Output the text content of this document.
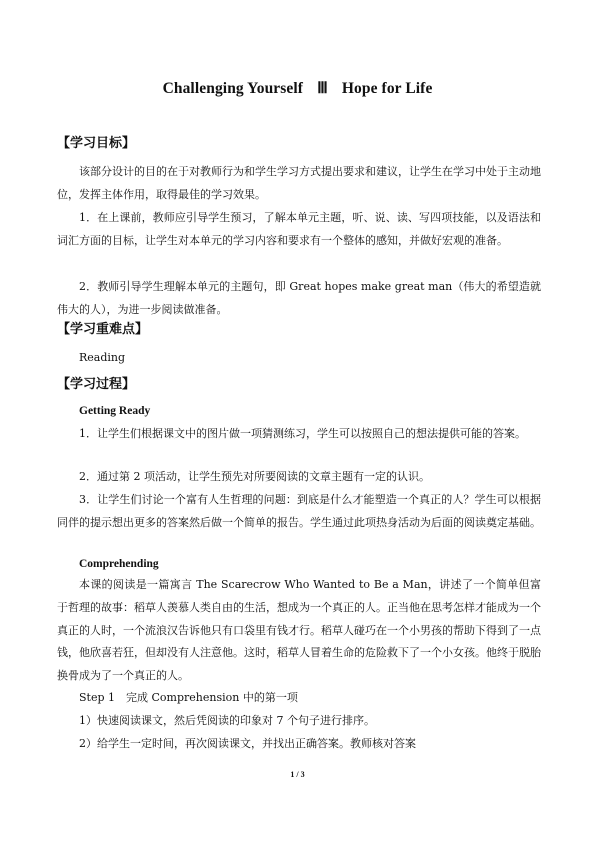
Challenging Yourself Ⅲ Hope for Life
【学习目标】
该部分设计的目的在于对教师行为和学生学习方式提出要求和建议，让学生在学习中处于主动地位，发挥主体作用，取得最佳的学习效果。
1．在上课前，教师应引导学生预习，了解本单元主题，听、说、读、写四项技能，以及语法和词汇方面的目标，让学生对本单元的学习内容和要求有一个整体的感知，并做好宏观的准备。
2．教师引导学生理解本单元的主题句，即 Great hopes make great man（伟大的希望造就伟大的人），为进一步阅读做准备。
【学习重难点】
Reading
【学习过程】
Getting Ready
1．让学生们根据课文中的图片做一项猜测练习，学生可以按照自己的想法提供可能的答案。
2．通过第 2 项活动，让学生预先对所要阅读的文章主题有一定的认识。
3．让学生们讨论一个富有人生哲理的问题：到底是什么才能塑造一个真正的人？学生可以根据同伴的提示想出更多的答案然后做一个简单的报告。学生通过此项热身活动为后面的阅读奠定基础。
Comprehending
本课的阅读是一篇寓言 The Scarecrow Who Wanted to Be a Man，讲述了一个简单但富于哲理的故事：稻草人羡慕人类自由的生活，想成为一个真正的人。正当他在思考怎样才能成为一个真正的人时，一个流浪汉告诉他只有口袋里有钱才行。稻草人碰巧在一个小男孩的帮助下得到了一点钱，他欣喜若狂，但却没有人注意他。这时，稻草人冒着生命的危险救下了一个小女孩。他终于脱胎换骨成为了一个真正的人。
Step 1　完成 Comprehension 中的第一项
1）快速阅读课文，然后凭阅读的印象对 7 个句子进行排序。
2）给学生一定时间，再次阅读课文，并找出正确答案。教师核对答案
1 / 3
